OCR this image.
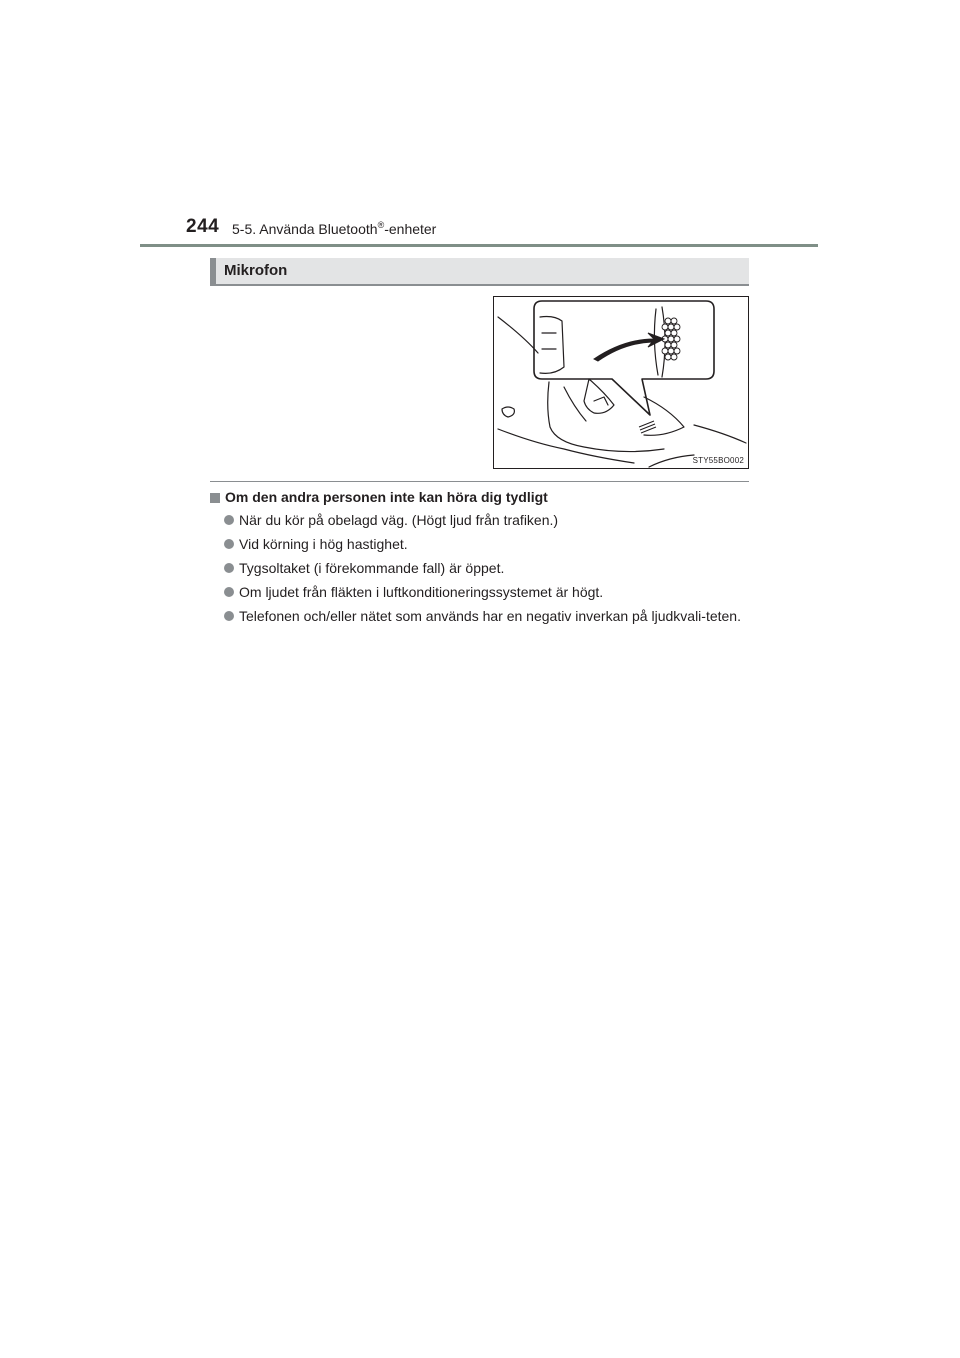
244 5-5. Använda Bluetooth®-enheter
Mikrofon
STY55BO002
Om den andra personen inte kan höra dig tydligt
När du kör på obelagd väg. (Högt ljud från trafiken.)
Vid körning i hög hastighet.
Tygsoltaket (i förekommande fall) är öppet.
Om ljudet från fläkten i luftkonditioneringssystemet är högt.
Telefonen och/eller nätet som används har en negativ inverkan på ljudkvali-teten.
